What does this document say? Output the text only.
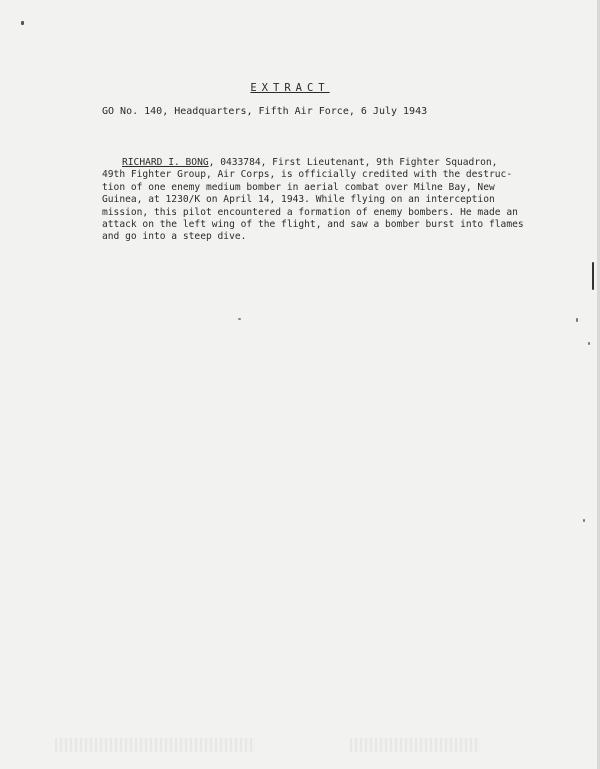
EXTRACT
GO No. 140, Headquarters, Fifth Air Force, 6 July 1943
RICHARD I. BONG, 0433784, First Lieutenant, 9th Fighter Squadron,
49th Fighter Group, Air Corps, is officially credited with the destruc-
tion of one enemy medium bomber in aerial combat over Milne Bay, New
Guinea, at 1230/K on April 14, 1943. While flying on an interception
mission, this pilot encountered a formation of enemy bombers. He made an
attack on the left wing of the flight, and saw a bomber burst into flames
and go into a steep dive.
